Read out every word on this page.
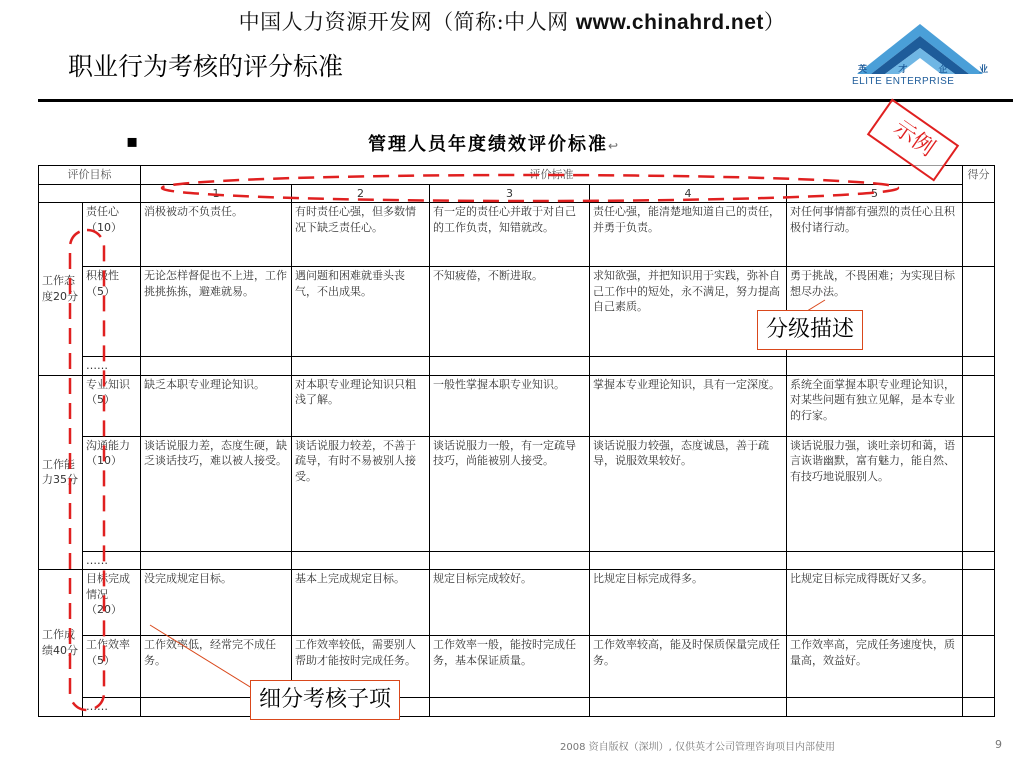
中国人力资源开发网（简称:中人网 www.chinahrd.net）
职业行为考核的评分标准	英	才	企	业
ELITE ENTERPRISE
▪	管理人员年度绩效评价标准↩
评价目标		评价标准					得分
		1	2	3	4	5	
工作态度20分	责任心（10）	消极被动不负责任。	有时责任心强，但多数情况下缺乏责任心。	有一定的责任心并敢于对自己的工作负责，知错就改。	责任心强，能清楚地知道自己的责任，并勇于负责。	对任何事情都有强烈的责任心且积极付诸行动。	
	积极性（5）	无论怎样督促也不上进，工作挑挑拣拣，避难就易。	遇问题和困难就垂头丧气，不出成果。	不知疲倦，不断进取。	求知欲强，并把知识用于实践，弥补自己工作中的短处，永不满足，努力提高自己素质。	勇于挑战，不畏困难；为实现目标想尽办法。	
	……						
工作能力35分	专业知识（5）	缺乏本职专业理论知识。	对本职专业理论知识只粗浅了解。	一般性掌握本职专业知识。	掌握本专业理论知识，具有一定深度。	系统全面掌握本职专业理论知识，对某些问题有独立见解，是本专业的行家。	
	沟通能力（10）	谈话说服力差，态度生硬，缺乏谈话技巧，难以被人接受。	谈话说服力较差，不善于疏导，有时不易被别人接受。	谈话说服力一般，有一定疏导技巧，尚能被别人接受。	谈话说服力较强，态度诚恳，善于疏导，说服效果较好。	谈话说服力强，谈吐亲切和蔼，语言诙谐幽默，富有魅力，能自然、有技巧地说服别人。	
	……						
工作成绩40分	目标完成情况（20）	没完成规定目标。	基本上完成规定目标。	规定目标完成较好。	比规定目标完成得多。	比规定目标完成得既好又多。	
	工作效率（5）	工作效率低，经常完不成任务。	工作效率较低，需要别人帮助才能按时完成任务。	工作效率一般，能按时完成任务，基本保证质量。	工作效率较高，能及时保质保量完成任务。	工作效率高，完成任务速度快，质量高，效益好。	
	……						
示例
分级描述
细分考核子项
2008 资自版权（深圳）, 仅供英才公司管理咨询项目内部使用	9
